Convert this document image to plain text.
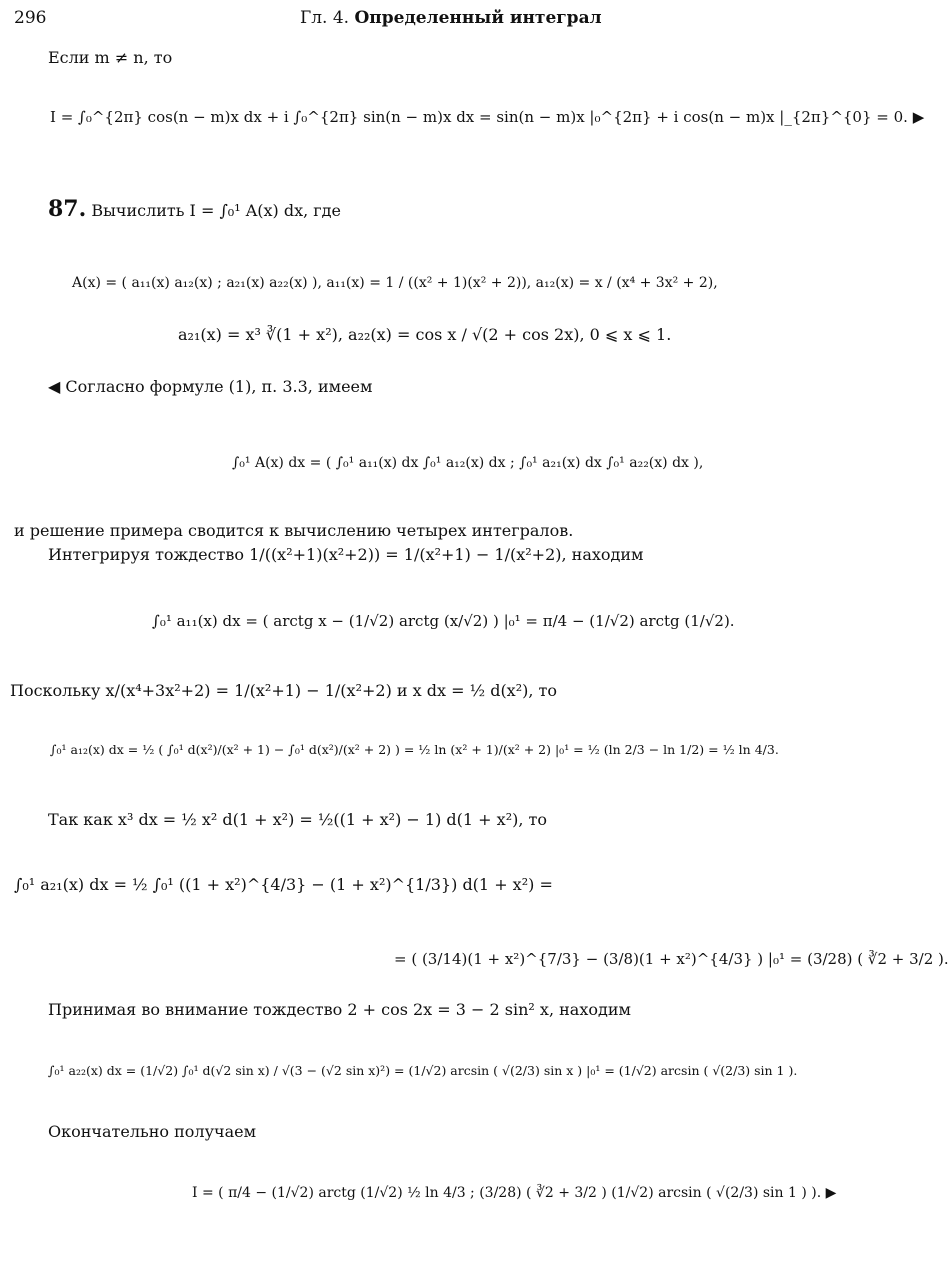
296	Гл. 4. Определенный интеграл
Если m ≠ n, то
I = ∫₀^{2π} cos(n − m)x dx + i ∫₀^{2π} sin(n − m)x dx = sin(n − m)x |₀^{2π} + i cos(n − m)x |_{2π}^{0} = 0. ▶
87. Вычислить I = ∫₀¹ A(x) dx, где
A(x) = ( a₁₁(x) a₁₂(x) ; a₂₁(x) a₂₂(x) ), a₁₁(x) = 1 / ((x² + 1)(x² + 2)), a₁₂(x) = x / (x⁴ + 3x² + 2),
a₂₁(x) = x³ ∛(1 + x²), a₂₂(x) = cos x / √(2 + cos 2x), 0 ⩽ x ⩽ 1.
◀ Согласно формуле (1), п. 3.3, имеем
∫₀¹ A(x) dx = ( ∫₀¹ a₁₁(x) dx ∫₀¹ a₁₂(x) dx ; ∫₀¹ a₂₁(x) dx ∫₀¹ a₂₂(x) dx ),
и решение примера сводится к вычислению четырех интегралов.
Интегрируя тождество 1/((x²+1)(x²+2)) = 1/(x²+1) − 1/(x²+2), находим
∫₀¹ a₁₁(x) dx = ( arctg x − (1/√2) arctg (x/√2) ) |₀¹ = π/4 − (1/√2) arctg (1/√2).
Поскольку x/(x⁴+3x²+2) = 1/(x²+1) − 1/(x²+2) и x dx = ½ d(x²), то
∫₀¹ a₁₂(x) dx = ½ ( ∫₀¹ d(x²)/(x² + 1) − ∫₀¹ d(x²)/(x² + 2) ) = ½ ln (x² + 1)/(x² + 2) |₀¹ = ½ (ln 2/3 − ln 1/2) = ½ ln 4/3.
Так как x³ dx = ½ x² d(1 + x²) = ½((1 + x²) − 1) d(1 + x²), то
∫₀¹ a₂₁(x) dx = ½ ∫₀¹ ((1 + x²)^{4/3} − (1 + x²)^{1/3}) d(1 + x²) =
= ( (3/14)(1 + x²)^{7/3} − (3/8)(1 + x²)^{4/3} ) |₀¹ = (3/28) ( ∛2 + 3/2 ).
Принимая во внимание тождество 2 + cos 2x = 3 − 2 sin² x, находим
∫₀¹ a₂₂(x) dx = (1/√2) ∫₀¹ d(√2 sin x) / √(3 − (√2 sin x)²) = (1/√2) arcsin ( √(2/3) sin x ) |₀¹ = (1/√2) arcsin ( √(2/3) sin 1 ).
Окончательно получаем
I = ( π/4 − (1/√2) arctg (1/√2) ½ ln 4/3 ; (3/28) ( ∛2 + 3/2 ) (1/√2) arcsin ( √(2/3) sin 1 ) ). ▶
